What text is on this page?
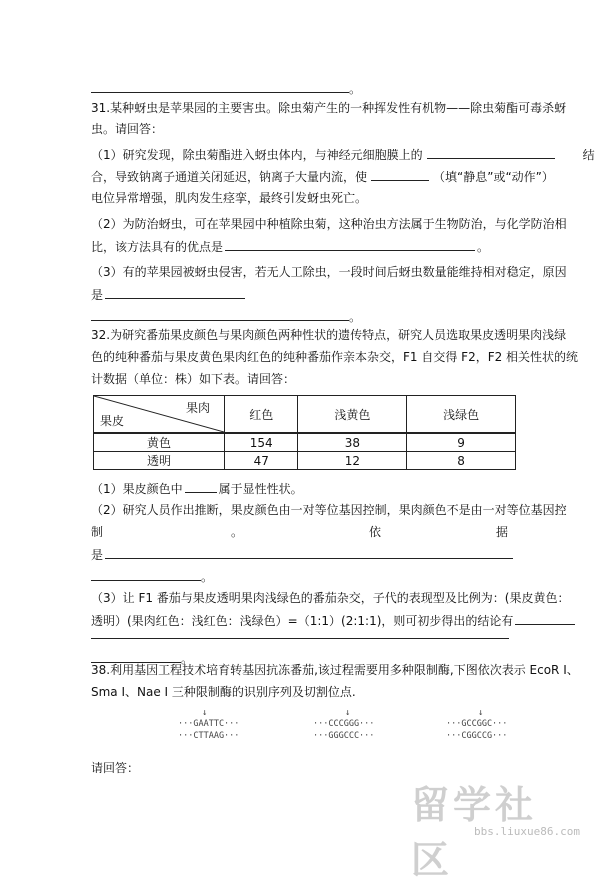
。
31.某种蚜虫是苹果园的主要害虫。除虫菊产生的一种挥发性有机物——除虫菊酯可毒杀蚜
虫。请回答：
（1）研究发现，除虫菊酯进入蚜虫体内，与神经元细胞膜上的	结
合，导致钠离子通道关闭延迟，钠离子大量内流，使	（填“静息”或“动作”）
电位异常增强，肌肉发生痉挛，最终引发蚜虫死亡。
（2）为防治蚜虫，可在苹果园中种植除虫菊，这种治虫方法属于生物防治，与化学防治相
比，该方法具有的优点是	。
（3）有的苹果园被蚜虫侵害，若无人工除虫，一段时间后蚜虫数量能维持相对稳定，原因
是
。
32.为研究番茄果皮颜色与果肉颜色两种性状的遗传特点，研究人员选取果皮透明果肉浅绿
色的纯种番茄与果皮黄色果肉红色的纯种番茄作亲本杂交，F1 自交得 F2，F2 相关性状的统
计数据（单位：株）如下表。请回答：
果肉
果皮	红色	浅黄色	浅绿色
黄色	154	38	9
透明	47	12	8
（1）果皮颜色中	属于显性性状。
（2）研究人员作出推断，果皮颜色由一对等位基因控制，果肉颜色不是由一对等位基因控
制	。	依	据
是
。
（3）让 F1 番茄与果皮透明果肉浅绿色的番茄杂交，子代的表现型及比例为：(果皮黄色：
透明）(果肉红色：浅红色：浅绿色）=（1:1）(2:1:1)，则可初步得出的结论有
。
38.利用基因工程技术培育转基因抗冻番茄,该过程需要用多种限制酶,下图依次表示 EcoR I、
Sma I、Nae I 三种限制酶的识别序列及切割位点.
↓
···GAATTC···
···CTTAAG···
↓
···CCCGGG···
···GGGCCC···
↓
···GCCGGC···
···CGGCCG···
请回答：
留学社区
bbs.liuxue86.com
